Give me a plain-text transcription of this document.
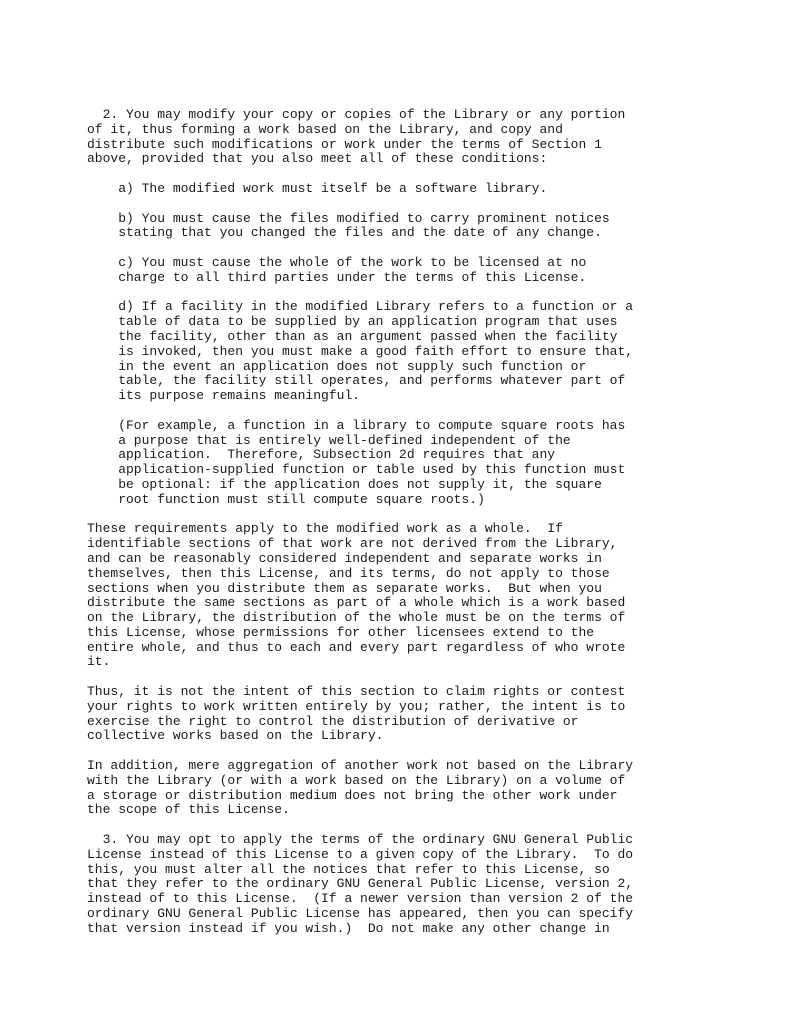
2. You may modify your copy or copies of the Library or any portion
of it, thus forming a work based on the Library, and copy and
distribute such modifications or work under the terms of Section 1
above, provided that you also meet all of these conditions:

a) The modified work must itself be a software library.

b) You must cause the files modified to carry prominent notices
stating that you changed the files and the date of any change.

c) You must cause the whole of the work to be licensed at no
charge to all third parties under the terms of this License.

d) If a facility in the modified Library refers to a function or a
table of data to be supplied by an application program that uses
the facility, other than as an argument passed when the facility
is invoked, then you must make a good faith effort to ensure that,
in the event an application does not supply such function or
table, the facility still operates, and performs whatever part of
its purpose remains meaningful.

(For example, a function in a library to compute square roots has
a purpose that is entirely well-defined independent of the
application.  Therefore, Subsection 2d requires that any
application-supplied function or table used by this function must
be optional: if the application does not supply it, the square
root function must still compute square roots.)

These requirements apply to the modified work as a whole.  If
identifiable sections of that work are not derived from the Library,
and can be reasonably considered independent and separate works in
themselves, then this License, and its terms, do not apply to those
sections when you distribute them as separate works.  But when you
distribute the same sections as part of a whole which is a work based
on the Library, the distribution of the whole must be on the terms of
this License, whose permissions for other licensees extend to the
entire whole, and thus to each and every part regardless of who wrote
it.

Thus, it is not the intent of this section to claim rights or contest
your rights to work written entirely by you; rather, the intent is to
exercise the right to control the distribution of derivative or
collective works based on the Library.

In addition, mere aggregation of another work not based on the Library
with the Library (or with a work based on the Library) on a volume of
a storage or distribution medium does not bring the other work under
the scope of this License.

3. You may opt to apply the terms of the ordinary GNU General Public
License instead of this License to a given copy of the Library.  To do
this, you must alter all the notices that refer to this License, so
that they refer to the ordinary GNU General Public License, version 2,
instead of to this License.  (If a newer version than version 2 of the
ordinary GNU General Public License has appeared, then you can specify
that version instead if you wish.)  Do not make any other change in
